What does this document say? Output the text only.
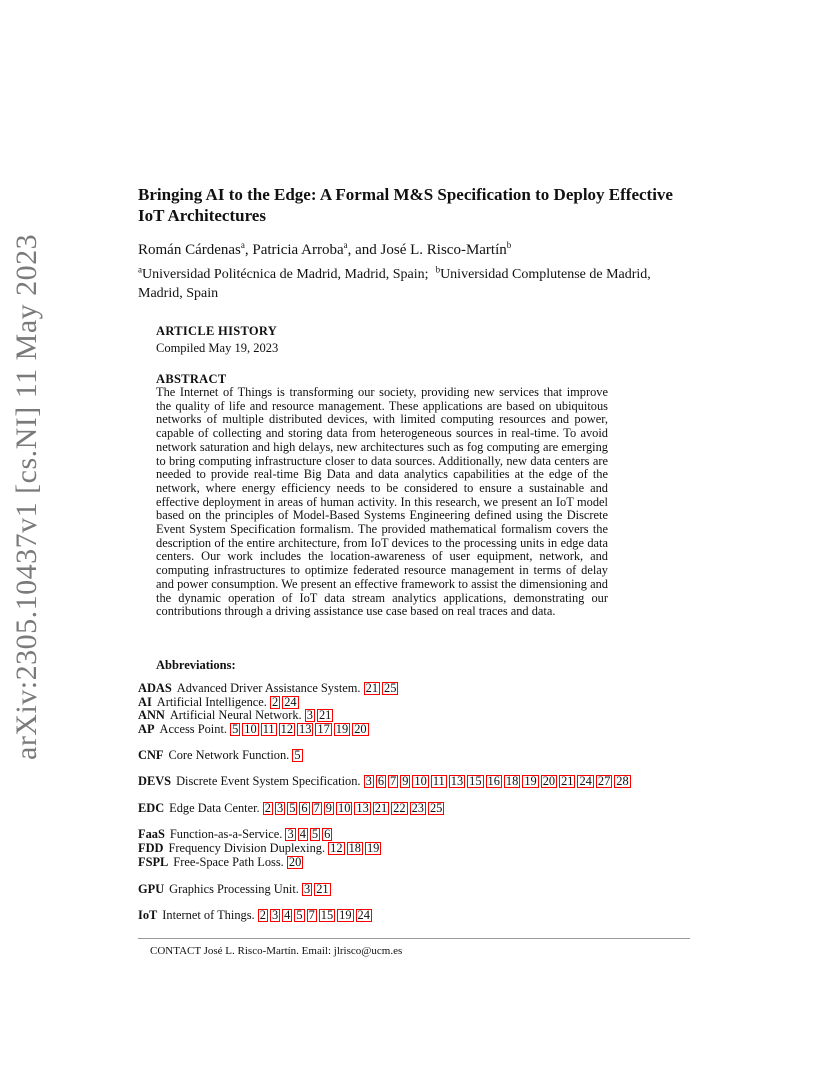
arXiv:2305.10437v1 [cs.NI] 11 May 2023
Bringing AI to the Edge: A Formal M&S Specification to Deploy Effective IoT Architectures
Román Cárdenas$^a$, Patricia Arroba$^a$, and José L. Risco-Martín$^b$
$^a$Universidad Politécnica de Madrid, Madrid, Spain; $^b$Universidad Complutense de Madrid, Madrid, Spain
ARTICLE HISTORY
Compiled May 19, 2023
ABSTRACT
The Internet of Things is transforming our society, providing new services that improve the quality of life and resource management. These applications are based on ubiquitous networks of multiple distributed devices, with limited computing resources and power, capable of collecting and storing data from heterogeneous sources in real-time. To avoid network saturation and high delays, new architectures such as fog computing are emerging to bring computing infrastructure closer to data sources. Additionally, new data centers are needed to provide real-time Big Data and data analytics capabilities at the edge of the network, where energy efficiency needs to be considered to ensure a sustainable and effective deployment in areas of human activity. In this research, we present an IoT model based on the principles of Model-Based Systems Engineering defined using the Discrete Event System Specification formalism. The provided mathematical formalism covers the description of the entire architecture, from IoT devices to the processing units in edge data centers. Our work includes the location-awareness of user equipment, network, and computing infrastructures to optimize federated resource management in terms of delay and power consumption. We present an effective framework to assist the dimensioning and the dynamic operation of IoT data stream analytics applications, demonstrating our contributions through a driving assistance use case based on real traces and data.
Abbreviations:
ADAS Advanced Driver Assistance System. 21 25
AI Artificial Intelligence. 2 24
ANN Artificial Neural Network. 3 21
AP Access Point. 5 10 11 12 13 17 19 20
CNF Core Network Function. 5
DEVS Discrete Event System Specification. 3 6 7 9 10 11 13 15 16 18 19 20 21 24 27 28
EDC Edge Data Center. 2 3 5 6 7 9 10 13 21 22 23 25
FaaS Function-as-a-Service. 3 4 5 6
FDD Frequency Division Duplexing. 12 18 19
FSPL Free-Space Path Loss. 20
GPU Graphics Processing Unit. 3 21
IoT Internet of Things. 2 3 4 5 7 15 19 24
CONTACT José L. Risco-Martín. Email: jlrisco@ucm.es
